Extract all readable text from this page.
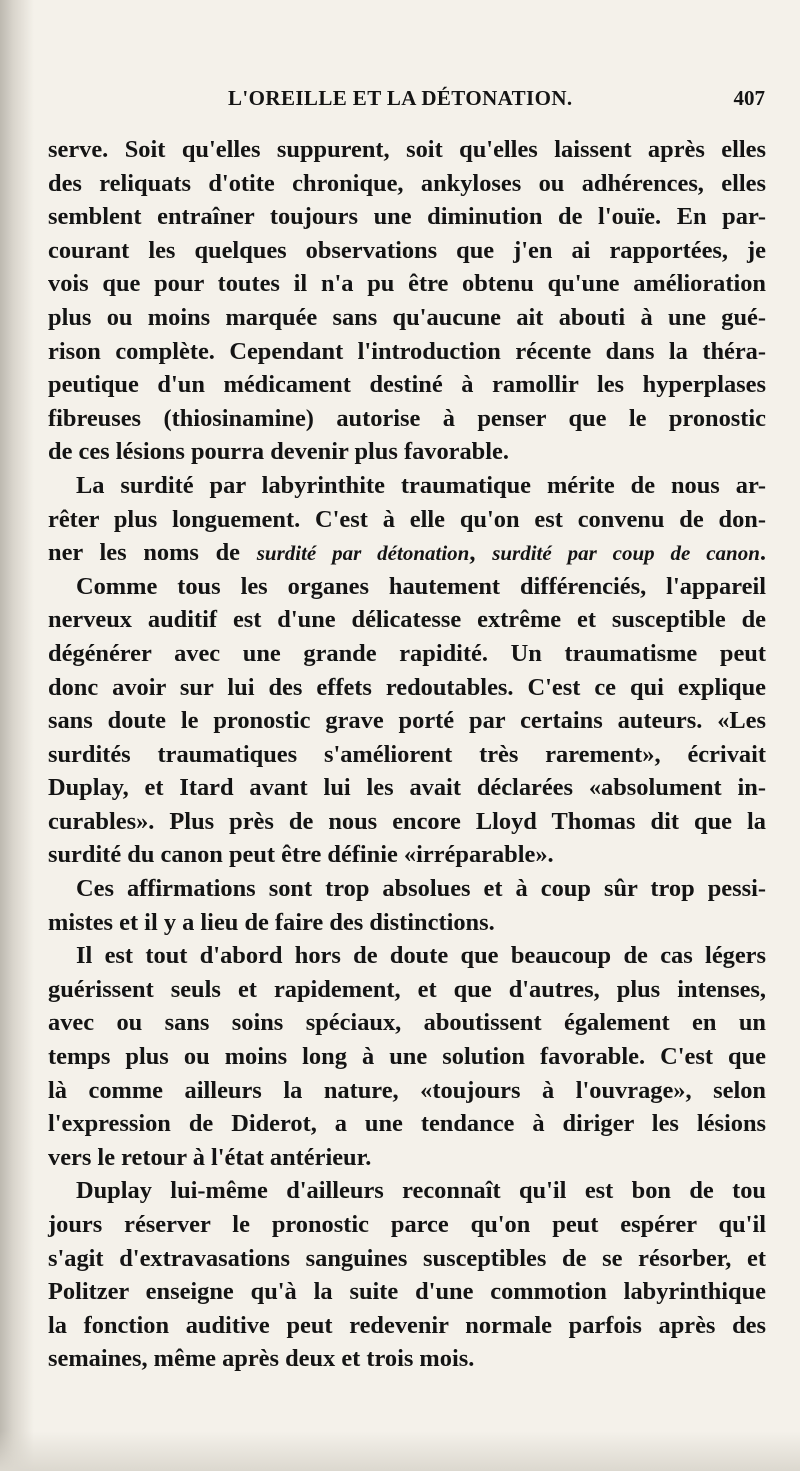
L'OREILLE ET LA DÉTONATION.	407
serve. Soit qu'elles suppurent, soit qu'elles laissent après elles
des reliquats d'otite chronique, ankyloses ou adhérences, elles
semblent entraîner toujours une diminution de l'ouïe. En par-
courant les quelques observations que j'en ai rapportées, je
vois que pour toutes il n'a pu être obtenu qu'une amélioration
plus ou moins marquée sans qu'aucune ait abouti à une gué-
rison complète. Cependant l'introduction récente dans la théra-
peutique d'un médicament destiné à ramollir les hyperplases
fibreuses (thiosinamine) autorise à penser que le pronostic
de ces lésions pourra devenir plus favorable.
La surdité par labyrinthite traumatique mérite de nous ar-
rêter plus longuement. C'est à elle qu'on est convenu de don-
ner les noms de surdité par détonation, surdité par coup de canon.
Comme tous les organes hautement différenciés, l'appareil
nerveux auditif est d'une délicatesse extrême et susceptible de
dégénérer avec une grande rapidité. Un traumatisme peut
donc avoir sur lui des effets redoutables. C'est ce qui explique
sans doute le pronostic grave porté par certains auteurs. «Les
surdités traumatiques s'améliorent très rarement», écrivait
Duplay, et Itard avant lui les avait déclarées «absolument in-
curables». Plus près de nous encore Lloyd Thomas dit que la
surdité du canon peut être définie «irréparable».
Ces affirmations sont trop absolues et à coup sûr trop pessi-
mistes et il y a lieu de faire des distinctions.
Il est tout d'abord hors de doute que beaucoup de cas légers
guérissent seuls et rapidement, et que d'autres, plus intenses,
avec ou sans soins spéciaux, aboutissent également en un
temps plus ou moins long à une solution favorable. C'est que
là comme ailleurs la nature, «toujours à l'ouvrage», selon
l'expression de Diderot, a une tendance à diriger les lésions
vers le retour à l'état antérieur.
Duplay lui-même d'ailleurs reconnaît qu'il est bon de tou
jours réserver le pronostic parce qu'on peut espérer qu'il
s'agit d'extravasations sanguines susceptibles de se résorber, et
Politzer enseigne qu'à la suite d'une commotion labyrinthique
la fonction auditive peut redevenir normale parfois après des
semaines, même après deux et trois mois.
